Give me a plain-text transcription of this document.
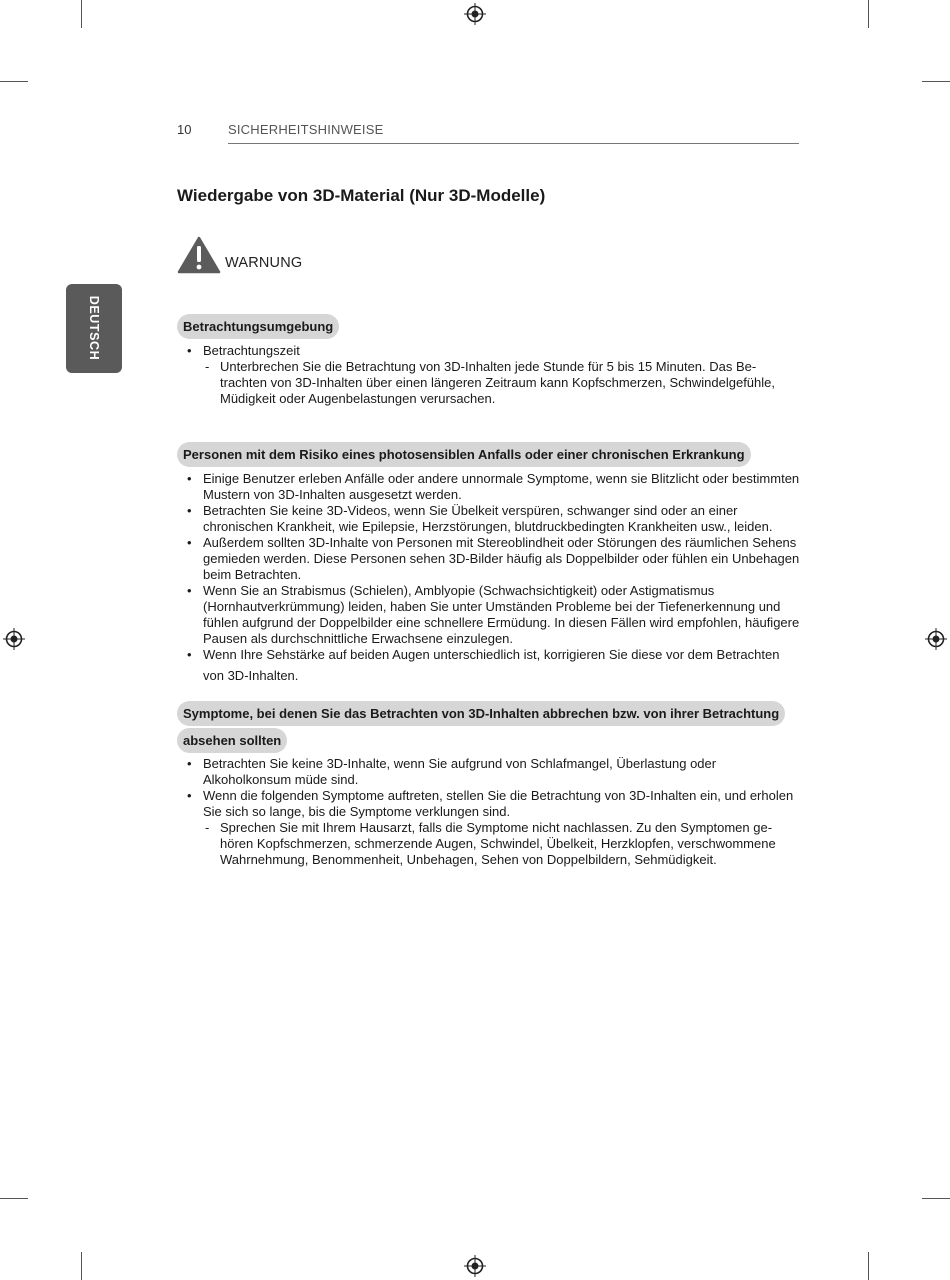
10	SICHERHEITSHINWEISE
DEUTSCH
Wiedergabe von 3D-Material (Nur 3D-Modelle)
WARNUNG
Betrachtungsumgebung
• Betrachtungszeit
- Unterbrechen Sie die Betrachtung von 3D-Inhalten jede Stunde für 5 bis 15 Minuten. Das Be-trachten von 3D-Inhalten über einen längeren Zeitraum kann Kopfschmerzen, Schwindelgefühle, Müdigkeit oder Augenbelastungen verursachen.
Personen mit dem Risiko eines photosensiblen Anfalls oder einer chronischen Erkrankung
• Einige Benutzer erleben Anfälle oder andere unnormale Symptome, wenn sie Blitzlicht oder bestimmten Mustern von 3D-Inhalten ausgesetzt werden.
• Betrachten Sie keine 3D-Videos, wenn Sie Übelkeit verspüren, schwanger sind oder an einer chronischen Krankheit, wie Epilepsie, Herzstörungen, blutdruckbedingten Krankheiten usw., leiden.
• Außerdem sollten 3D-Inhalte von Personen mit Stereoblindheit oder Störungen des räumlichen Sehens gemieden werden. Diese Personen sehen 3D-Bilder häufig als Doppelbilder oder fühlen ein Unbehagen beim Betrachten.
• Wenn Sie an Strabismus (Schielen), Amblyopie (Schwachsichtigkeit) oder Astigmatismus (Hornhautverkrümmung) leiden, haben Sie unter Umständen Probleme bei der Tiefenerkennung und fühlen aufgrund der Doppelbilder eine schnellere Ermüdung. In diesen Fällen wird empfohlen, häufigere Pausen als durchschnittliche Erwachsene einzulegen.
• Wenn Ihre Sehstärke auf beiden Augen unterschiedlich ist, korrigieren Sie diese vor dem Betrachten
von 3D-Inhalten.
Symptome, bei denen Sie das Betrachten von 3D-Inhalten abbrechen bzw. von ihrer Betrachtung
absehen sollten
• Betrachten Sie keine 3D-Inhalte, wenn Sie aufgrund von Schlafmangel, Überlastung oder Alkoholkonsum müde sind.
• Wenn die folgenden Symptome auftreten, stellen Sie die Betrachtung von 3D-Inhalten ein, und erholen Sie sich so lange, bis die Symptome verklungen sind.
- Sprechen Sie mit Ihrem Hausarzt, falls die Symptome nicht nachlassen. Zu den Symptomen ge-hören Kopfschmerzen, schmerzende Augen, Schwindel, Übelkeit, Herzklopfen, verschwommene Wahrnehmung, Benommenheit, Unbehagen, Sehen von Doppelbildern, Sehmüdigkeit.
